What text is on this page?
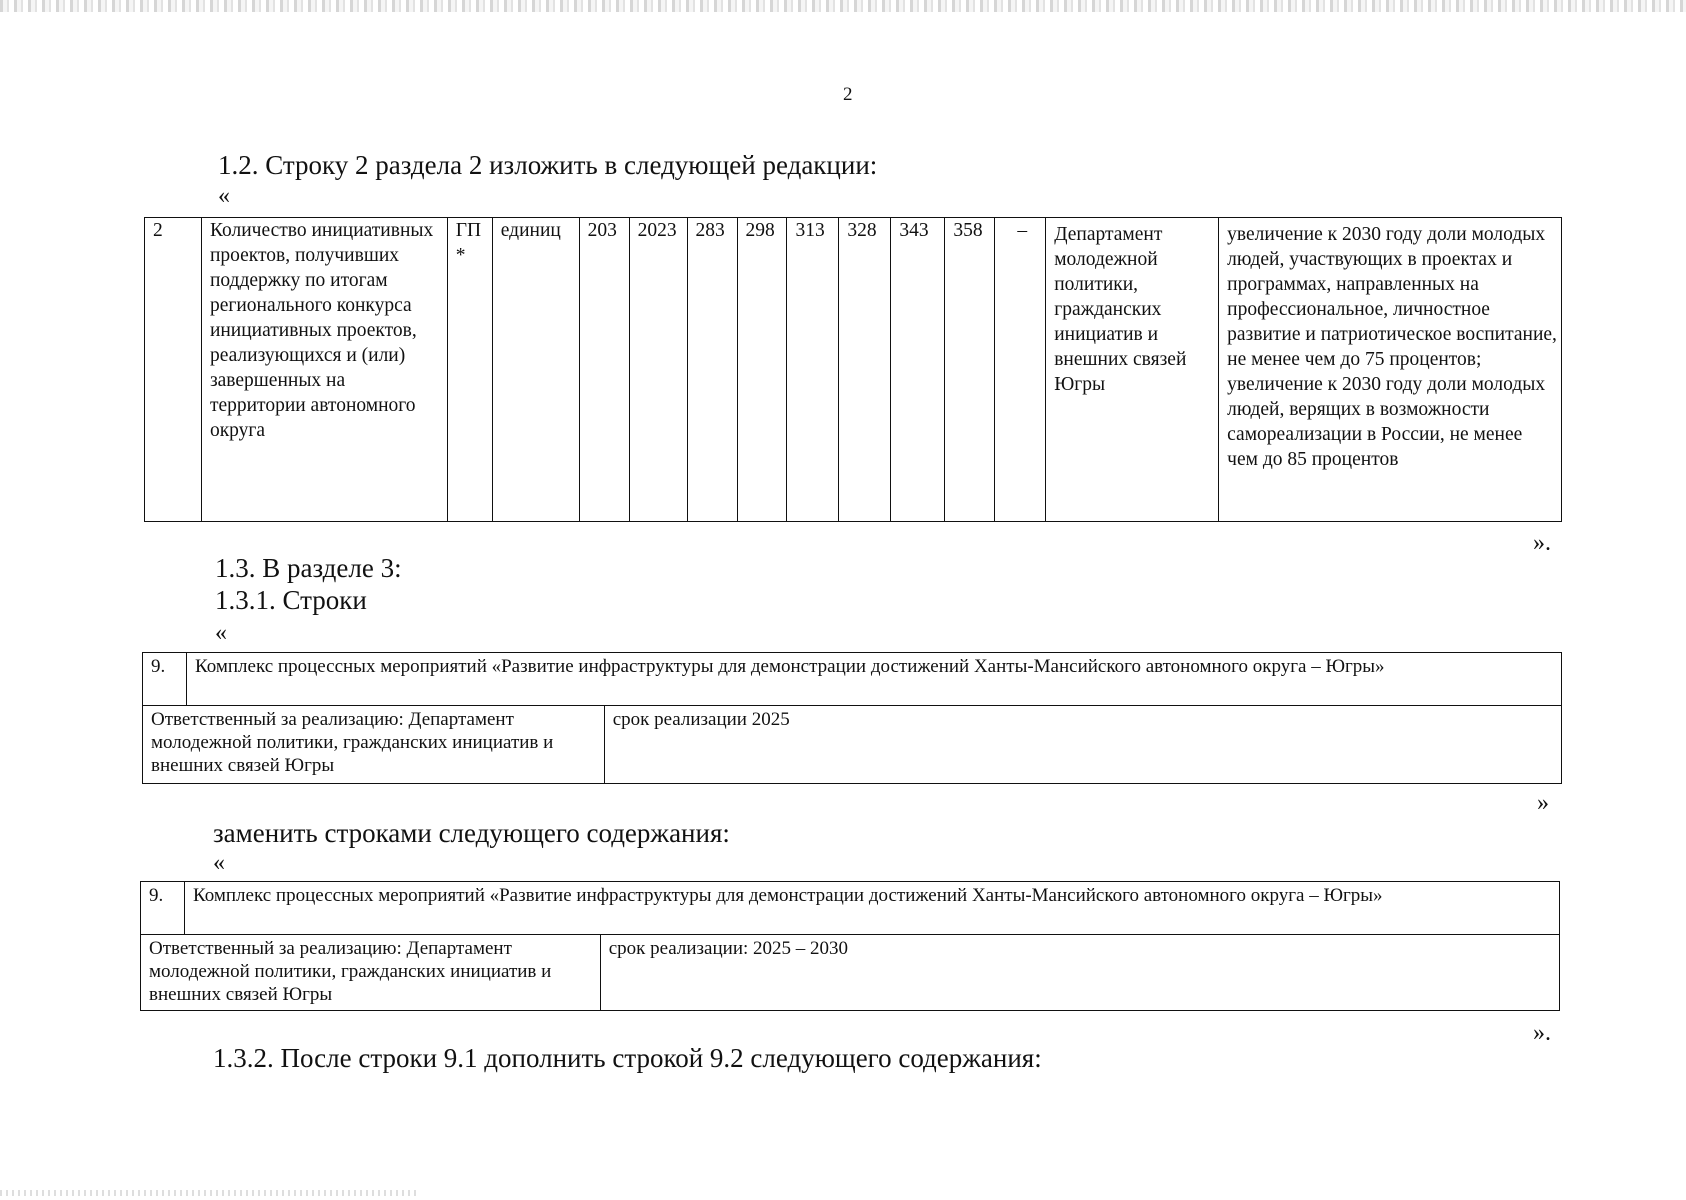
2
1.2. Строку 2 раздела 2 изложить в следующей редакции:
«
2	Количество инициативных проектов, получивших поддержку по итогам регионального конкурса инициативных проектов, реализующихся и (или) завершенных на территории автономного округа	ГП*	единиц	203	2023	283	298	313	328	343	358	–	Департамент молодежной политики, гражданских инициатив и внешних связей Югры	увеличение к 2030 году доли молодых людей, участвующих в проектах и программах, направленных на профессиональное, личностное развитие и патриотическое воспитание, не менее чем до 75 процентов; увеличение к 2030 году доли молодых людей, верящих в возможности самореализации в России, не менее чем до 85 процентов
».
1.3. В разделе 3:
1.3.1. Строки
«
9.	Комплекс процессных мероприятий «Развитие инфраструктуры для демонстрации достижений Ханты-Мансийского автономного округа – Югры»	
Ответственный за реализацию: Департамент молодежной политики, гражданских инициатив и внешних связей Югры		срок реализации 2025
»
заменить строками следующего содержания:
«
9.	Комплекс процессных мероприятий «Развитие инфраструктуры для демонстрации достижений Ханты-Мансийского автономного округа – Югры»	
Ответственный за реализацию: Департамент молодежной политики, гражданских инициатив и внешних связей Югры		срок реализации: 2025 – 2030
».
1.3.2. После строки 9.1 дополнить строкой 9.2 следующего содержания:
